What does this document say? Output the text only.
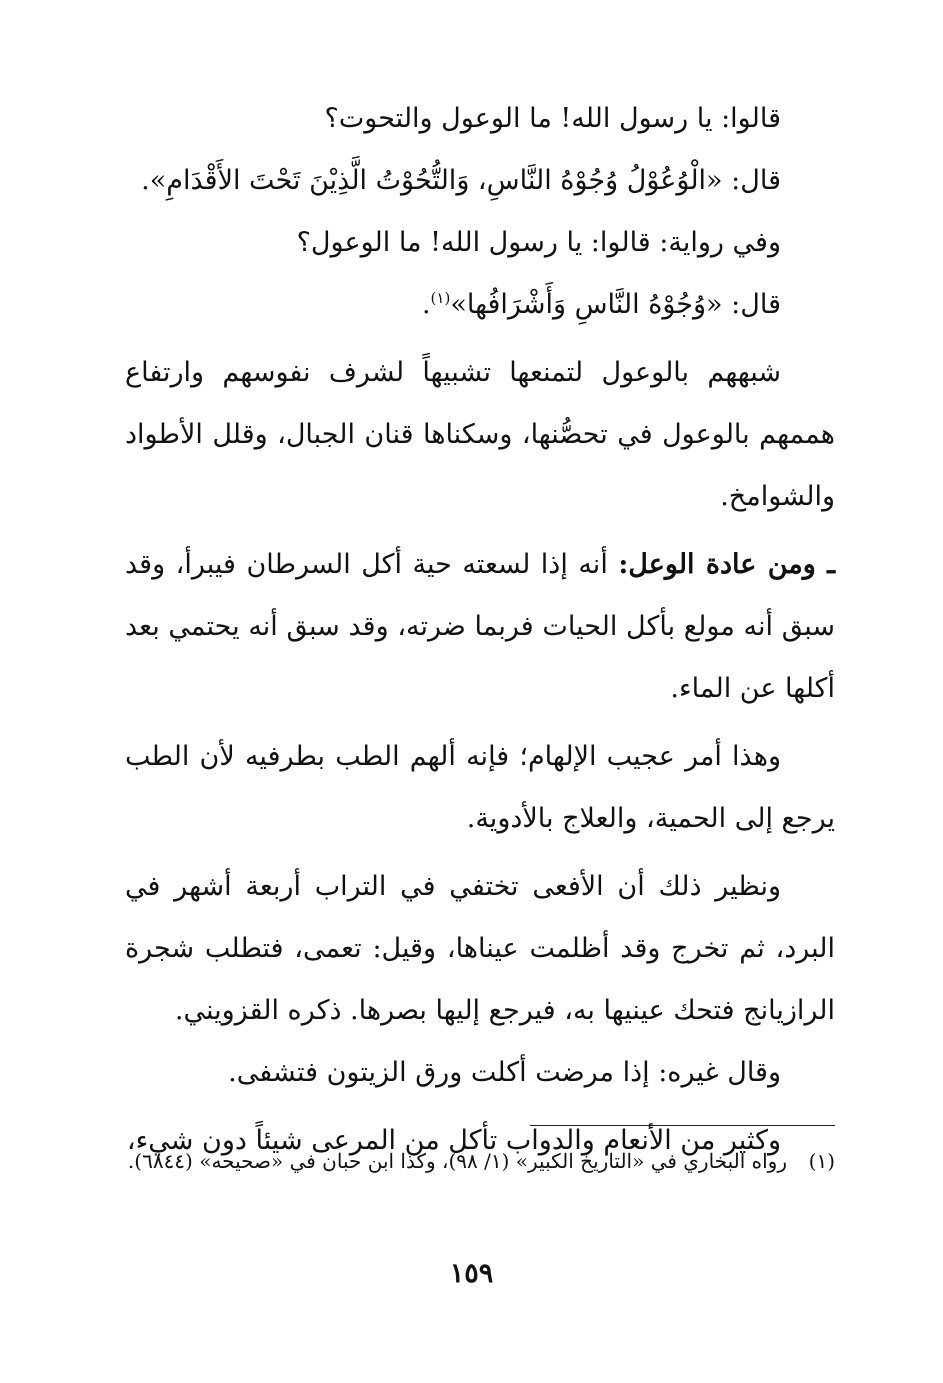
قالوا: يا رسول الله! ما الوعول والتحوت؟

قال: «الْوُعُوْلُ وُجُوْهُ النَّاسِ، وَالتُّحُوْتُ الَّذِيْنَ تَحْتَ الأَقْدَامِ».

وفي رواية: قالوا: يا رسول الله! ما الوعول؟

قال: «وُجُوْهُ النَّاسِ وَأَشْرَافُها»$^{(١)}$.

شبههم بالوعول لتمنعها تشبيهاً لشرف نفوسهم وارتفاع هممهم بالوعول في تحصُّنها، وسكناها قنان الجبال، وقلل الأطواد والشوامخ.

ـ ومن عادة الوعل: أنه إذا لسعته حية أكل السرطان فيبرأ، وقد سبق أنه مولع بأكل الحيات فربما ضرته، وقد سبق أنه يحتمي بعد أكلها عن الماء.

وهذا أمر عجيب الإلهام؛ فإنه ألهم الطب بطرفيه لأن الطب يرجع إلى الحمية، والعلاج بالأدوية.

ونظير ذلك أن الأفعى تختفي في التراب أربعة أشهر في البرد، ثم تخرج وقد أظلمت عيناها، وقيل: تعمى، فتطلب شجرة الرازيانج فتحك عينيها به، فيرجع إليها بصرها. ذكره القزويني.

وقال غيره: إذا مرضت أكلت ورق الزيتون فتشفى.

وكثير من الأنعام والدواب تأكل من المرعى شيئاً دون شيء،

(١)
رواه البخاري في «التاريخ الكبير» (١/ ٩٨)، وكذا ابن حبان في «صحيحه» (٦٨٤٤).
١٥٩
